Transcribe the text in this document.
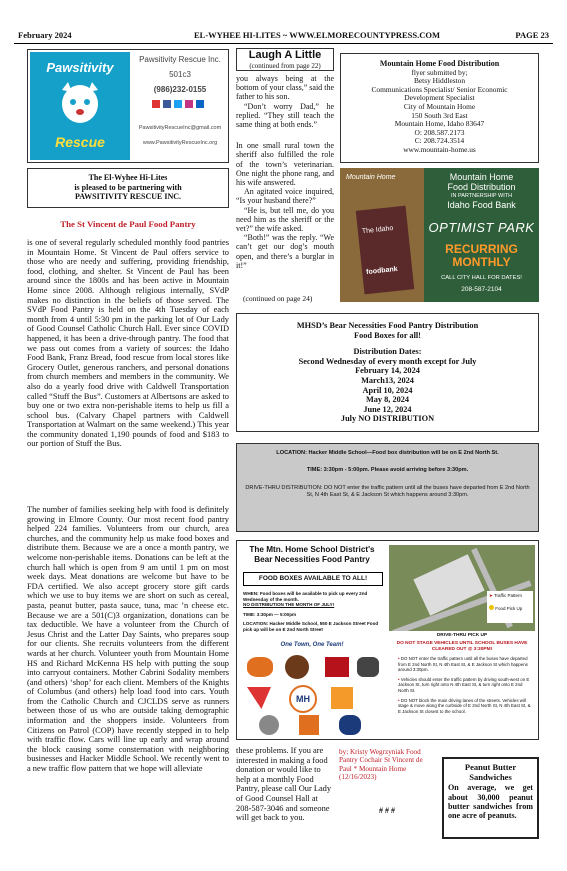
February 2024	EL-WYHEE HI-LITES ~ WWW.ELMORECOUNTYPRESS.COM	PAGE 23
Pawsitivity
Rescue
Pawsitivity Rescue Inc.
501c3
(986)232-0155
PawsitivityRescueInc@gmail.com
www.PawsitivityRescueInc.org
The El-Wyhee Hi-Lites
is pleased to be partnering with
PAWSITIVITY RESCUE INC.
The St Vincent de Paul Food Pantry
is one of several regularly scheduled monthly food pantries in Mountain Home. St Vincent de Paul offers service to those who are needy and suffering, providing friendship, food, clothing, and shelter. St Vincent de Paul has been around since the 1800s and has been active in Mountain Home since 2008. Although religious internally, SVdP makes no distinction in the beliefs of those served. The SVdP Food Pantry is held on the 4th Tuesday of each month from 4 until 5:30 pm in the parking lot of Our Lady of Good Counsel Catholic Church Hall. Ever since COVID happened, it has been a drive-through pantry. The food that we pass out comes from a variety of sources: the Idaho Food Bank, Franz Bread, food rescue from local stores like Grocery Outlet, generous ranchers, and personal donations from church members and members in the community. We also do a yearly food drive with Caldwell Transportation called “Stuff the Bus”. Customers at Albertsons are asked to buy one or two extra non-perishable items to help us fill a school bus. (Calvary Chapel partners with Caldwell Transportation at Walmart on the same weekend.) This year the community donated 1,190 pounds of food and $183 to our portion of Stuff the Bus.
The number of families seeking help with food is definitely growing in Elmore County. Our most recent food pantry helped 224 families. Volunteers from our church, area churches, and the community help us make food boxes and distribute them. Because we are a once a month pantry, we welcome non-perishable items. Donations can be left at the church hall which is open from 9 am until 1 pm on most week days. Meat donations are welcome but have to be FDA certified. We also accept grocery store gift cards which we use to buy items we are short on such as cereal, pasta, peanut butter, pasta sauce, tuna, mac ’n cheese etc. Because we are a 501(C)3 organization, donations can be tax deductible. We have a volunteer from the Church of Jesus Christ and the Latter Day Saints, who prepares soup for our clients. She recruits volunteers from the different wards at her church. Volunteer youth from Mountain Home HS and Richard McKenna HS help with putting the soup into carryout containers. Mother Cabrini Sodality members (and others) ‘shop’ for each client. Members of the Knights of Columbus (and others) help load food into cars. Youth from the Catholic Church and CJCLDS serve as runners between those of us who are outside taking demographic information and the shoppers inside. Volunteers from Citizens on Patrol (COP) have recently stepped in to help with traffic flow. Cars will line up early and wrap around the block causing some consternation with neighboring businesses and Hacker Middle School. We recently went to a new traffic flow pattern that we hope will alleviate
these problems. If you are interested in making a food donation or would like to help at a monthly Food Pantry, please call Our Lady of Good Counsel Hall at 208-587-3046 and someone will get back to you.
by; Kristy Wegrzyniak Food Pantry Cochair St Vincent de Paul * Mountain Home (12/16/2023)
# # #
Laugh A Little
(continued from page 22)

you always being at the bottom of your class,” said the father to his son.

“Don’t worry Dad,” he replied. “They still teach the same thing at both ends.”

In one small rural town the sheriff also fulfilled the role of the town’s veterinarian. One night the phone rang, and his wife answered.

An agitated voice inquired, “Is your husband there?”

“He is, but tell me, do you need him as the sheriff or the vet?” the wife asked.

“Both!” was the reply. “We can’t get our dog’s mouth open, and there’s a burglar in it!”

(continued on page 24)
Mountain Home Food Distribution
flyer submitted by;
Betsy Hiddleston
Communications Specialist/ Senior Economic
Development Specialist
City of Mountain Home
150 South 3rd East
Mountain Home, Idaho 83647
O: 208.587.2173
C: 208.724.3514
www.mountain-home.us
Mountain Home
The Idaho
foodbank
Mountain Home
Food Distribution
IN PARTNERSHIP WITH
Idaho Food Bank
OPTIMIST PARK
RECURRING
MONTHLY
CALL CITY HALL FOR DATES!
208-587-2104
MHSD’s Bear Necessities Food Pantry Distribution
Food Boxes for all!
Distribution Dates:
Second Wednesday of every month except for July
February 14, 2024
March13, 2024
April 10, 2024
May 8, 2024
June 12, 2024
July NO DISTRIBUTION
LOCATION: Hacker Middle School—Food box distribution will be on E 2nd North St.
TIME: 3:30pm - 5:00pm. Please avoid arriving before 3:30pm.
DRIVE-THRU DISTRIBUTION: DO NOT enter the traffic pattern until all the buses have departed from E 2nd North St, N 4th East St, & E Jackson St which happens around 3:30pm.
The Mtn. Home School District's
Bear Necessities Food Pantry
FOOD BOXES AVAILABLE TO ALL!
WHEN: Food boxes will be available to pick up every 2nd Wednesday of the month.
NO DISTRIBUTION THE MONTH OF JULY!
TIME: 3:30pm — 5:00pm
LOCATION: Hacker Middle School, 550 E Jackson Street Food pick up will be on E 2nd North Street
One Town, One Team!
MH
➤ Traffic Pattern
Food Pick Up
DRIVE-THRU PICK UP
DO NOT STAGE VEHICLES UNTIL SCHOOL BUSES HAVE CLEARED OUT @ 3:30PM!
• DO NOT enter the traffic pattern until all the buses have departed from E 2nd North St, N 4th East St, & E Jackson St which happens around 3:30pm.
• Vehicles should enter the traffic pattern by driving south-west on E Jackson St, turn right onto N 4th East St, & turn right onto E 2nd North St.
• DO NOT block the main driving lanes of the streets. Vehicles will stage & move along the curbside of E 2nd North St, N 4th East St, & E Jackson St closest to the school.
Peanut Butter
Sandwiches
On average, we get about 30,000 peanut butter sandwiches from one acre of peanuts.
